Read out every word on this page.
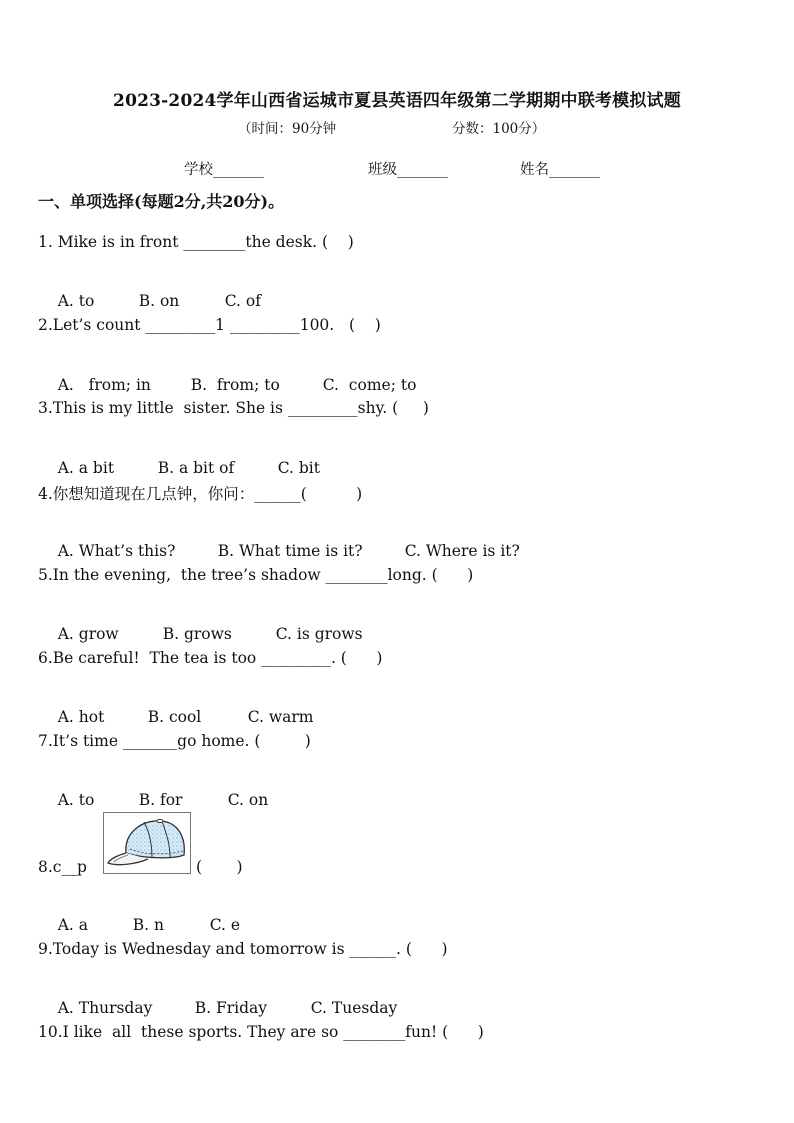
2023-2024学年山西省运城市夏县英语四年级第二学期期中联考模拟试题
（时间：90分钟	分数：100分）
学校_______	班级_______	姓名_______
一、单项选择(每题2分,共20分)。
1. Mike is in front ________the desk. (    )

A. to	B. on	C. of

2.Let’s count _________1 _________100.   (    )

A.   from; in	B.  from; to	C.  come; to

3.This is my little  sister. She is _________shy. (     )

A. a bit	B. a bit of	C. bit

4.你想知道现在几点钟，你问：______(          )

A. What’s this?	B. What time is it?	C. Where is it?

5.In the evening,  the tree’s shadow ________long. (      )

A. grow	B. grows	C. is grows

6.Be careful!  The tea is too _________. (      )

A. hot	B. cool	C. warm

7.It’s time _______go home. (         )

A. to	B. for	C. on

8.c__p	(       )

A. a	B. n	C. e

9.Today is Wednesday and tomorrow is ______. (      )

A. Thursday	B. Friday	C. Tuesday

10.I like  all  these sports. They are so ________fun! (      )
